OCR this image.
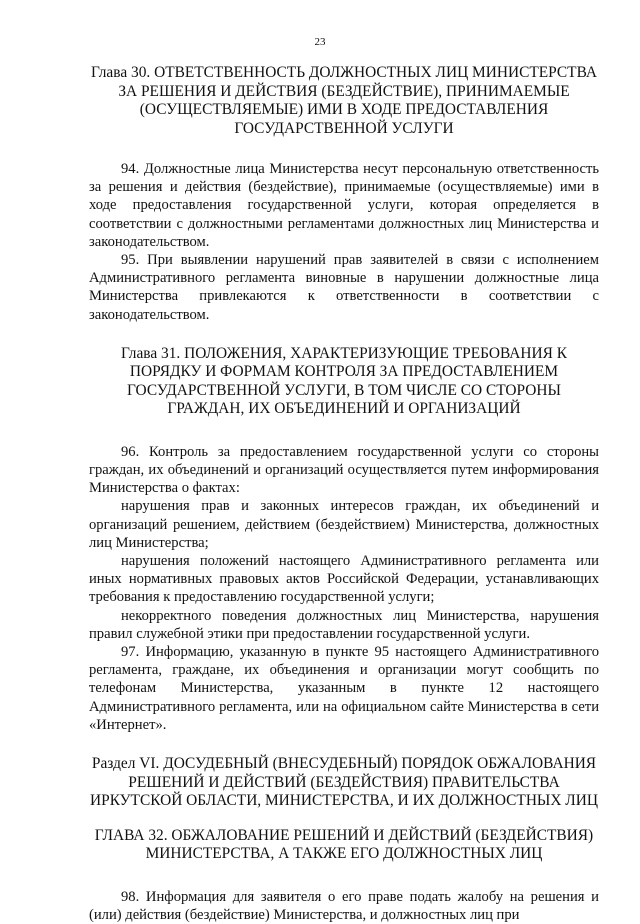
23
Глава 30. ОТВЕТСТВЕННОСТЬ ДОЛЖНОСТНЫХ ЛИЦ МИНИСТЕРСТВА ЗА РЕШЕНИЯ И ДЕЙСТВИЯ (БЕЗДЕЙСТВИЕ), ПРИНИМАЕМЫЕ (ОСУЩЕСТВЛЯЕМЫЕ) ИМИ В ХОДЕ ПРЕДОСТАВЛЕНИЯ ГОСУДАРСТВЕННОЙ УСЛУГИ

94. Должностные лица Министерства несут персональную ответственность за решения и действия (бездействие), принимаемые (осуществляемые) ими в ходе предоставления государственной услуги, которая определяется в соответствии с должностными регламентами должностных лиц Министерства и законодательством.

95. При выявлении нарушений прав заявителей в связи с исполнением Административного регламента виновные в нарушении должностные лица Министерства привлекаются к ответственности в соответствии с законодательством.

Глава 31. ПОЛОЖЕНИЯ, ХАРАКТЕРИЗУЮЩИЕ ТРЕБОВАНИЯ К ПОРЯДКУ И ФОРМАМ КОНТРОЛЯ ЗА ПРЕДОСТАВЛЕНИЕМ ГОСУДАРСТВЕННОЙ УСЛУГИ, В ТОМ ЧИСЛЕ СО СТОРОНЫ ГРАЖДАН, ИХ ОБЪЕДИНЕНИЙ И ОРГАНИЗАЦИЙ

96. Контроль за предоставлением государственной услуги со стороны граждан, их объединений и организаций осуществляется путем информирования Министерства о фактах:

нарушения прав и законных интересов граждан, их объединений и организаций решением, действием (бездействием) Министерства, должностных лиц Министерства;

нарушения положений настоящего Административного регламента или иных нормативных правовых актов Российской Федерации, устанавливающих требования к предоставлению государственной услуги;

некорректного поведения должностных лиц Министерства, нарушения правил служебной этики при предоставлении государственной услуги.

97. Информацию, указанную в пункте 95 настоящего Административного регламента, граждане, их объединения и организации могут сообщить по телефонам Министерства, указанным в пункте 12 настоящего Административного регламента, или на официальном сайте Министерства в сети «Интернет».

Раздел VI. ДОСУДЕБНЫЙ (ВНЕСУДЕБНЫЙ) ПОРЯДОК ОБЖАЛОВАНИЯ РЕШЕНИЙ И ДЕЙСТВИЙ (БЕЗДЕЙСТВИЯ) ПРАВИТЕЛЬСТВА ИРКУТСКОЙ ОБЛАСТИ, МИНИСТЕРСТВА, И ИХ ДОЛЖНОСТНЫХ ЛИЦ
ГЛАВА 32. ОБЖАЛОВАНИЕ РЕШЕНИЙ И ДЕЙСТВИЙ (БЕЗДЕЙСТВИЯ) МИНИСТЕРСТВА, А ТАКЖЕ ЕГО ДОЛЖНОСТНЫХ ЛИЦ

98. Информация для заявителя о его праве подать жалобу на решения и (или) действия (бездействие) Министерства, и должностных лиц при
